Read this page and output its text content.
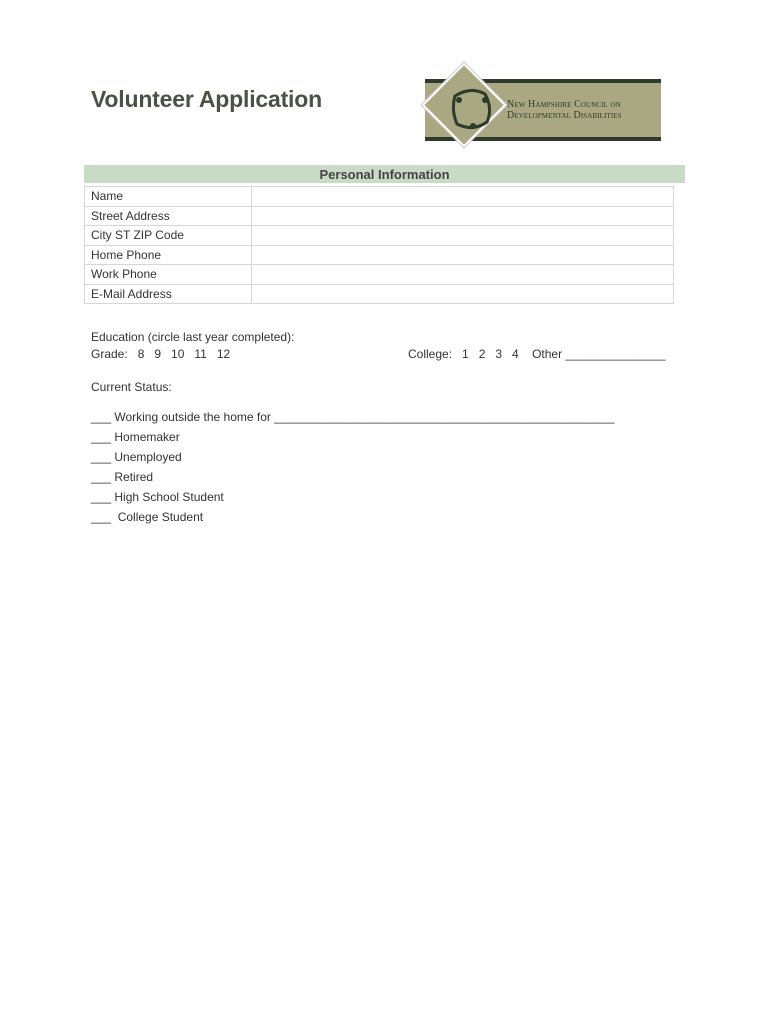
Volunteer Application	New Hampshire Council on
Developmental Disabilities
Personal Information
Name	
Street Address	
City ST ZIP Code	
Home Phone	
Work Phone	
E-Mail Address	
Education (circle last year completed):
Grade:   8   9   10   11   12	College:   1   2   3   4    Other _______________
Current Status:
___ Working outside the home for ___________________________________________________
___ Homemaker
___ Unemployed
___ Retired
___ High School Student
___  College Student
